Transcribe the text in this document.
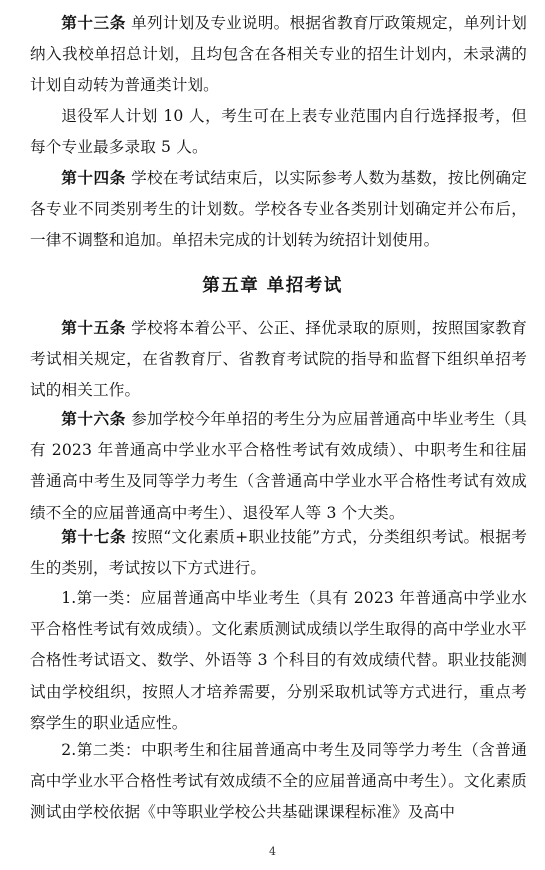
第十三条 单列计划及专业说明。根据省教育厅政策规定，单列计划纳入我校单招总计划，且均包含在各相关专业的招生计划内，未录满的计划自动转为普通类计划。

退役军人计划 10 人，考生可在上表专业范围内自行选择报考，但每个专业最多录取 5 人。

第十四条 学校在考试结束后，以实际参考人数为基数，按比例确定各专业不同类别考生的计划数。学校各专业各类别计划确定并公布后，一律不调整和追加。单招未完成的计划转为统招计划使用。

第五章 单招考试

第十五条 学校将本着公平、公正、择优录取的原则，按照国家教育考试相关规定，在省教育厅、省教育考试院的指导和监督下组织单招考试的相关工作。

第十六条 参加学校今年单招的考生分为应届普通高中毕业考生（具有 2023 年普通高中学业水平合格性考试有效成绩）、中职考生和往届普通高中考生及同等学力考生（含普通高中学业水平合格性考试有效成绩不全的应届普通高中考生）、退役军人等 3 个大类。

第十七条 按照“文化素质+职业技能”方式，分类组织考试。根据考生的类别，考试按以下方式进行。

1.第一类：应届普通高中毕业考生（具有 2023 年普通高中学业水平合格性考试有效成绩）。文化素质测试成绩以学生取得的高中学业水平合格性考试语文、数学、外语等 3 个科目的有效成绩代替。职业技能测试由学校组织，按照人才培养需要，分别采取机试等方式进行，重点考察学生的职业适应性。

2.第二类：中职考生和往届普通高中考生及同等学力考生（含普通高中学业水平合格性考试有效成绩不全的应届普通高中考生）。文化素质测试由学校依据《中等职业学校公共基础课课程标准》及高中

4
